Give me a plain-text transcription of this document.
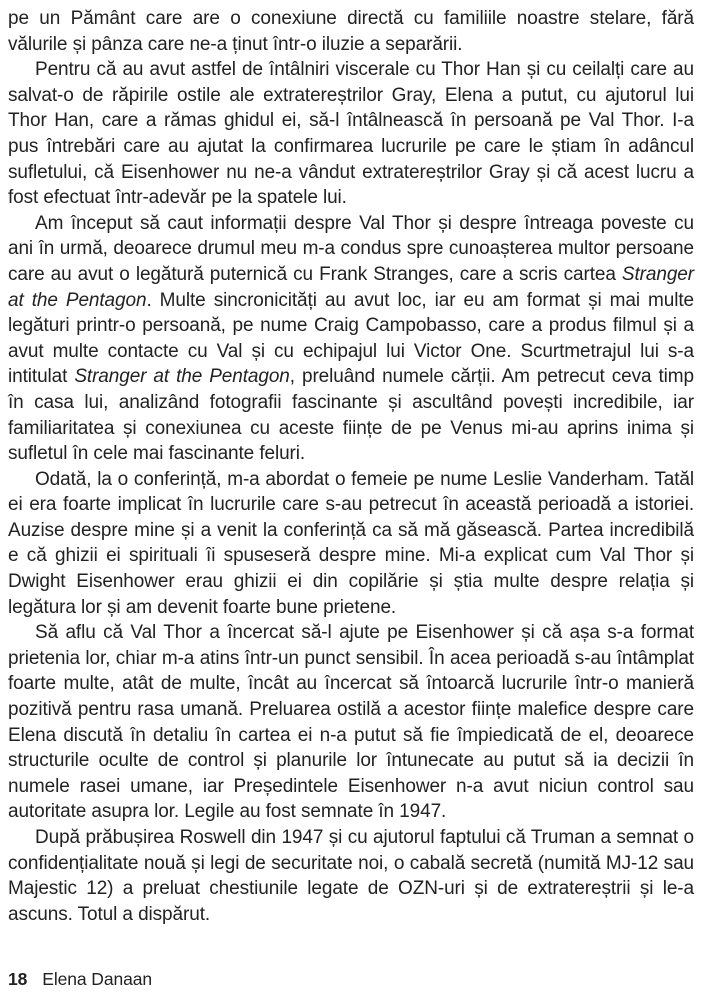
pe un Pământ care are o conexiune directă cu familiile noastre stelare, fără vălurile și pânza care ne-a ținut într-o iluzie a separării.

Pentru că au avut astfel de întâlniri viscerale cu Thor Han și cu ceilalți care au salvat-o de răpirile ostile ale extratereștrilor Gray, Elena a putut, cu ajutorul lui Thor Han, care a rămas ghidul ei, să-l întâlnească în persoană pe Val Thor. I-a pus întrebări care au ajutat la confirmarea lucrurile pe care le știam în adâncul sufletului, că Eisenhower nu ne-a vândut extratereștrilor Gray și că acest lucru a fost efectuat într-adevăr pe la spatele lui.

Am început să caut informații despre Val Thor și despre întreaga poveste cu ani în urmă, deoarece drumul meu m-a condus spre cunoașterea multor persoane care au avut o legătură puternică cu Frank Stranges, care a scris cartea Stranger at the Pentagon. Multe sincronicități au avut loc, iar eu am format și mai multe legături printr-o persoană, pe nume Craig Campobasso, care a produs filmul și a avut multe contacte cu Val și cu echipajul lui Victor One. Scurtmetrajul lui s-a intitulat Stranger at the Pentagon, preluând numele cărții. Am petrecut ceva timp în casa lui, analizând fotografii fascinante și ascultând povești incredibile, iar familiaritatea și conexiunea cu aceste ființe de pe Venus mi-au aprins inima și sufletul în cele mai fascinante feluri.

Odată, la o conferință, m-a abordat o femeie pe nume Leslie Vanderham. Tatăl ei era foarte implicat în lucrurile care s-au petrecut în această perioadă a istoriei. Auzise despre mine și a venit la conferință ca să mă găsească. Partea incredibilă e că ghizii ei spirituali îi spuseseră despre mine. Mi-a explicat cum Val Thor și Dwight Eisenhower erau ghizii ei din copilărie și știa multe despre relația și legătura lor și am devenit foarte bune prietene.

Să aflu că Val Thor a încercat să-l ajute pe Eisenhower și că așa s-a format prietenia lor, chiar m-a atins într-un punct sensibil. În acea perioadă s-au întâmplat foarte multe, atât de multe, încât au încercat să întoarcă lucrurile într-o manieră pozitivă pentru rasa umană. Preluarea ostilă a acestor ființe malefice despre care Elena discută în detaliu în cartea ei n-a putut să fie împiedicată de el, deoarece structurile oculte de control și planurile lor întunecate au putut să ia decizii în numele rasei umane, iar Președintele Eisenhower n-a avut niciun control sau autoritate asupra lor. Legile au fost semnate în 1947.

După prăbușirea Roswell din 1947 și cu ajutorul faptului că Truman a semnat o confidențialitate nouă și legi de securitate noi, o cabală secretă (numită MJ-12 sau Majestic 12) a preluat chestiunile legate de OZN-uri și de extratereștrii și le-a ascuns. Totul a dispărut.

18 Elena Danaan
